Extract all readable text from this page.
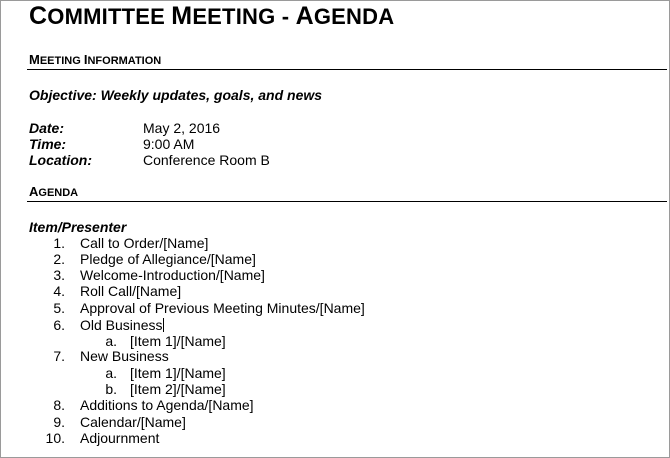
COMMITTEE MEETING - AGENDA
MEETING INFORMATION
Objective: Weekly updates, goals, and news
Date:	May 2, 2016
Time:	9:00 AM
Location:	Conference Room B
AGENDA
Item/Presenter
1. Call to Order/[Name]
2. Pledge of Allegiance/[Name]
3. Welcome-Introduction/[Name]
4. Roll Call/[Name]
5. Approval of Previous Meeting Minutes/[Name]
6. Old Business
a. [Item 1]/[Name]
7. New Business
a. [Item 1]/[Name]
b. [Item 2]/[Name]
8. Additions to Agenda/[Name]
9. Calendar/[Name]
10. Adjournment
